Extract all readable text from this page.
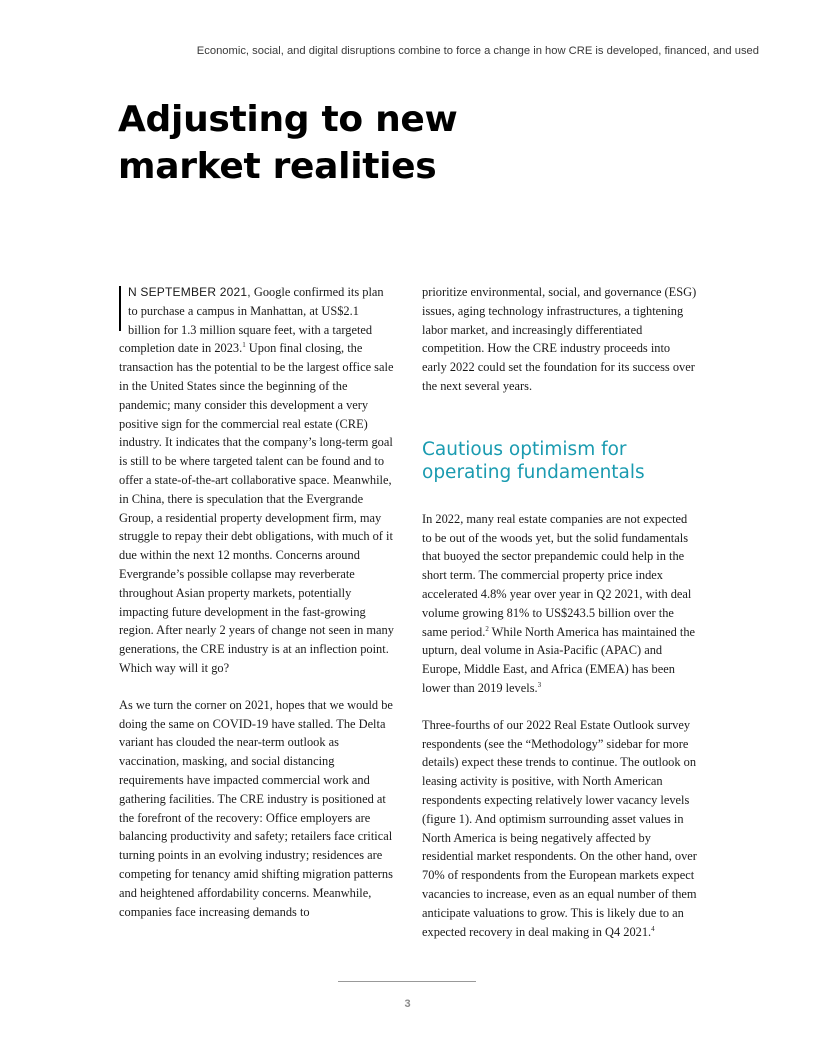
Economic, social, and digital disruptions combine to force a change in how CRE is developed, financed, and used
Adjusting to new
market realities

N SEPTEMBER 2021, Google confirmed its plan to purchase a campus in Manhattan, at US$2.1 billion for 1.3 million square feet, with a targeted completion date in 2023.$^1$ Upon final closing, the transaction has the potential to be the largest office sale in the United States since the beginning of the pandemic; many consider this development a very positive sign for the commercial real estate (CRE) industry. It indicates that the company’s long-term goal is still to be where targeted talent can be found and to offer a state-of-the-art collaborative space. Meanwhile, in China, there is speculation that the Evergrande Group, a residential property development firm, may struggle to repay their debt obligations, with much of it due within the next 12 months. Concerns around Evergrande’s possible collapse may reverberate throughout Asian property markets, potentially impacting future development in the fast-growing region. After nearly 2 years of change not seen in many generations, the CRE industry is at an inflection point. Which way will it go?

As we turn the corner on 2021, hopes that we would be doing the same on COVID-19 have stalled. The Delta variant has clouded the near-term outlook as vaccination, masking, and social distancing requirements have impacted commercial work and gathering facilities. The CRE industry is positioned at the forefront of the recovery: Office employers are balancing productivity and safety; retailers face critical turning points in an evolving industry; residences are competing for tenancy amid shifting migration patterns and heightened affordability concerns. Meanwhile, companies face increasing demands to

prioritize environmental, social, and governance (ESG) issues, aging technology infrastructures, a tightening labor market, and increasingly differentiated competition. How the CRE industry proceeds into early 2022 could set the foundation for its success over the next several years.

Cautious optimism for operating fundamentals

In 2022, many real estate companies are not expected to be out of the woods yet, but the solid fundamentals that buoyed the sector prepandemic could help in the short term. The commercial property price index accelerated 4.8% year over year in Q2 2021, with deal volume growing 81% to US$243.5 billion over the same period.$^2$ While North America has maintained the upturn, deal volume in Asia-Pacific (APAC) and Europe, Middle East, and Africa (EMEA) has been lower than 2019 levels.$^3$

Three-fourths of our 2022 Real Estate Outlook survey respondents (see the “Methodology” sidebar for more details) expect these trends to continue. The outlook on leasing activity is positive, with North American respondents expecting relatively lower vacancy levels (figure 1). And optimism surrounding asset values in North America is being negatively affected by residential market respondents. On the other hand, over 70% of respondents from the European markets expect vacancies to increase, even as an equal number of them anticipate valuations to grow. This is likely due to an expected recovery in deal making in Q4 2021.$^4$

3
